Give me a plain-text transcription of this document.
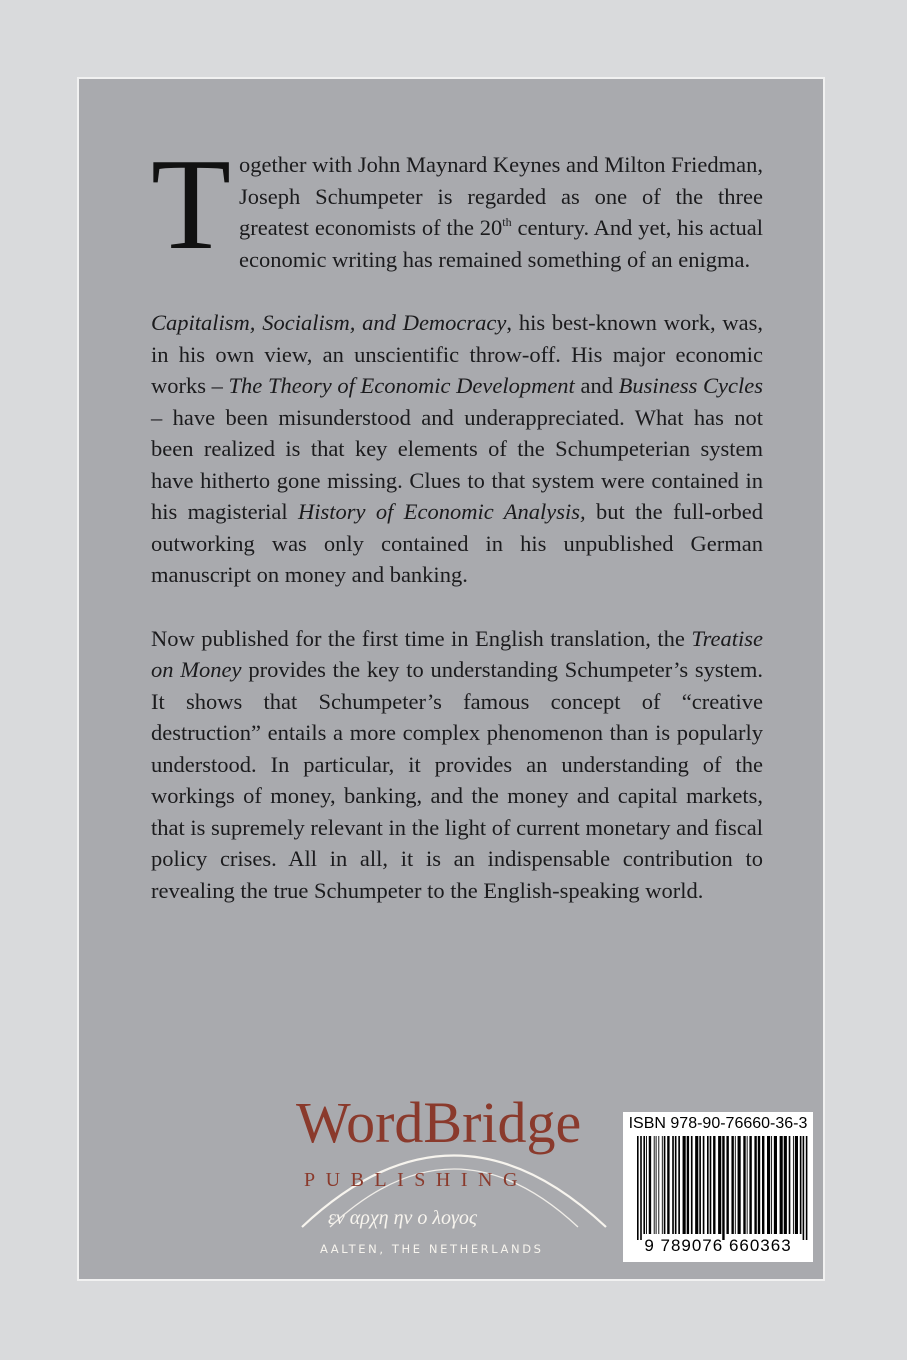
Together with John Maynard Keynes and Milton Friedman, Joseph Schumpeter is regarded as one of the three greatest economists of the 20th century. And yet, his actual economic writing has remained something of an enigma.

Capitalism, Socialism, and Democracy, his best-known work, was, in his own view, an unscientific throw-off. His major economic works – The Theory of Economic Development and Business Cycles – have been misunderstood and underappreciated. What has not been realized is that key elements of the Schumpeterian system have hitherto gone missing. Clues to that system were contained in his magisterial History of Economic Analysis, but the full-orbed outworking was only contained in his unpublished German manuscript on money and banking.

Now published for the first time in English translation, the Treatise on Money provides the key to understanding Schumpeter’s system. It shows that Schumpeter’s famous concept of “creative destruction” entails a more complex phenomenon than is popularly understood. In particular, it provides an understanding of the workings of money, banking, and the money and capital markets, that is supremely relevant in the light of current monetary and fiscal policy crises. All in all, it is an indispensable contribution to revealing the true Schumpeter to the English-speaking world.

WordBridge
PUBLISHING
εν αρχη ην ο λογος
AALTEN, THE NETHERLANDS
ISBN 978-90-76660-36-3
9 789076 660363
